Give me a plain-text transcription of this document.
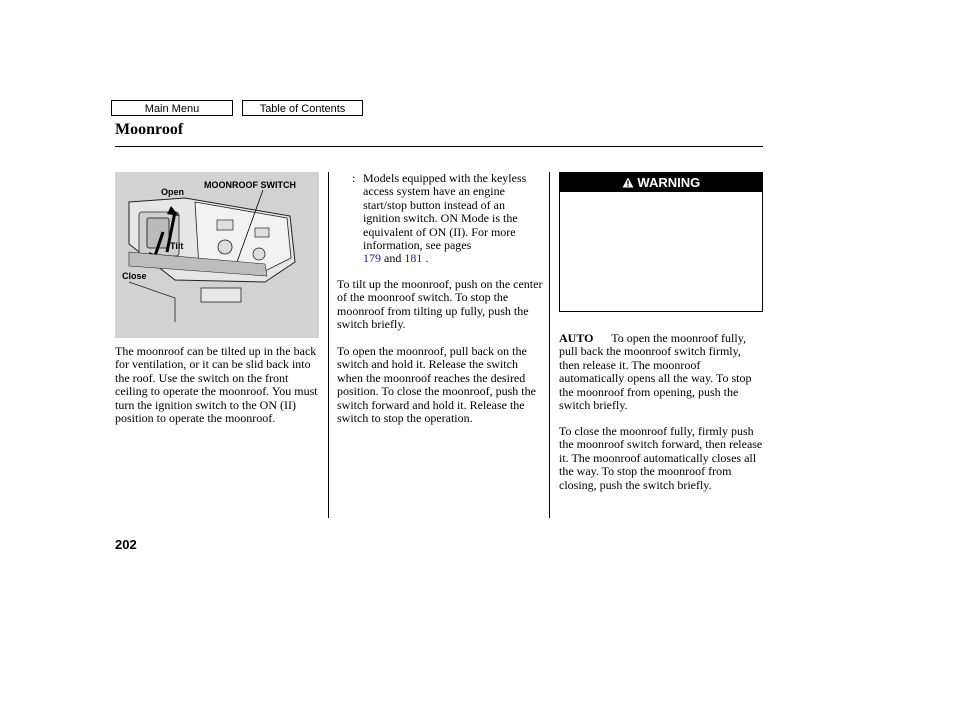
Main Menu	Table of Contents
Moonroof
Open
MOONROOF SWITCH
Tilt
Close

The moonroof can be tilted up in the back for ventilation, or it can be slid back into the roof. Use the switch on the front ceiling to operate the moonroof. You must turn the ignition switch to the ON (II) position to operate the moonroof.

: Models equipped with the keyless access system have an engine start/stop button instead of an ignition switch. ON Mode is the equivalent of ON (II). For more information, see pages
179 and 181 .

To tilt up the moonroof, push on the center of the moonroof switch. To stop the moonroof from tilting up fully, push the switch briefly.

To open the moonroof, pull back on the switch and hold it. Release the switch when the moonroof reaches the desired position. To close the moonroof, push the switch forward and hold it. Release the switch to stop the operation.

WARNING

AUTO To open the moonroof fully, pull back the moonroof switch firmly, then release it. The moonroof automatically opens all the way. To stop the moonroof from opening, push the switch briefly.

To close the moonroof fully, firmly push the moonroof switch forward, then release it. The moonroof automatically closes all the way. To stop the moonroof from closing, push the switch briefly.

202
